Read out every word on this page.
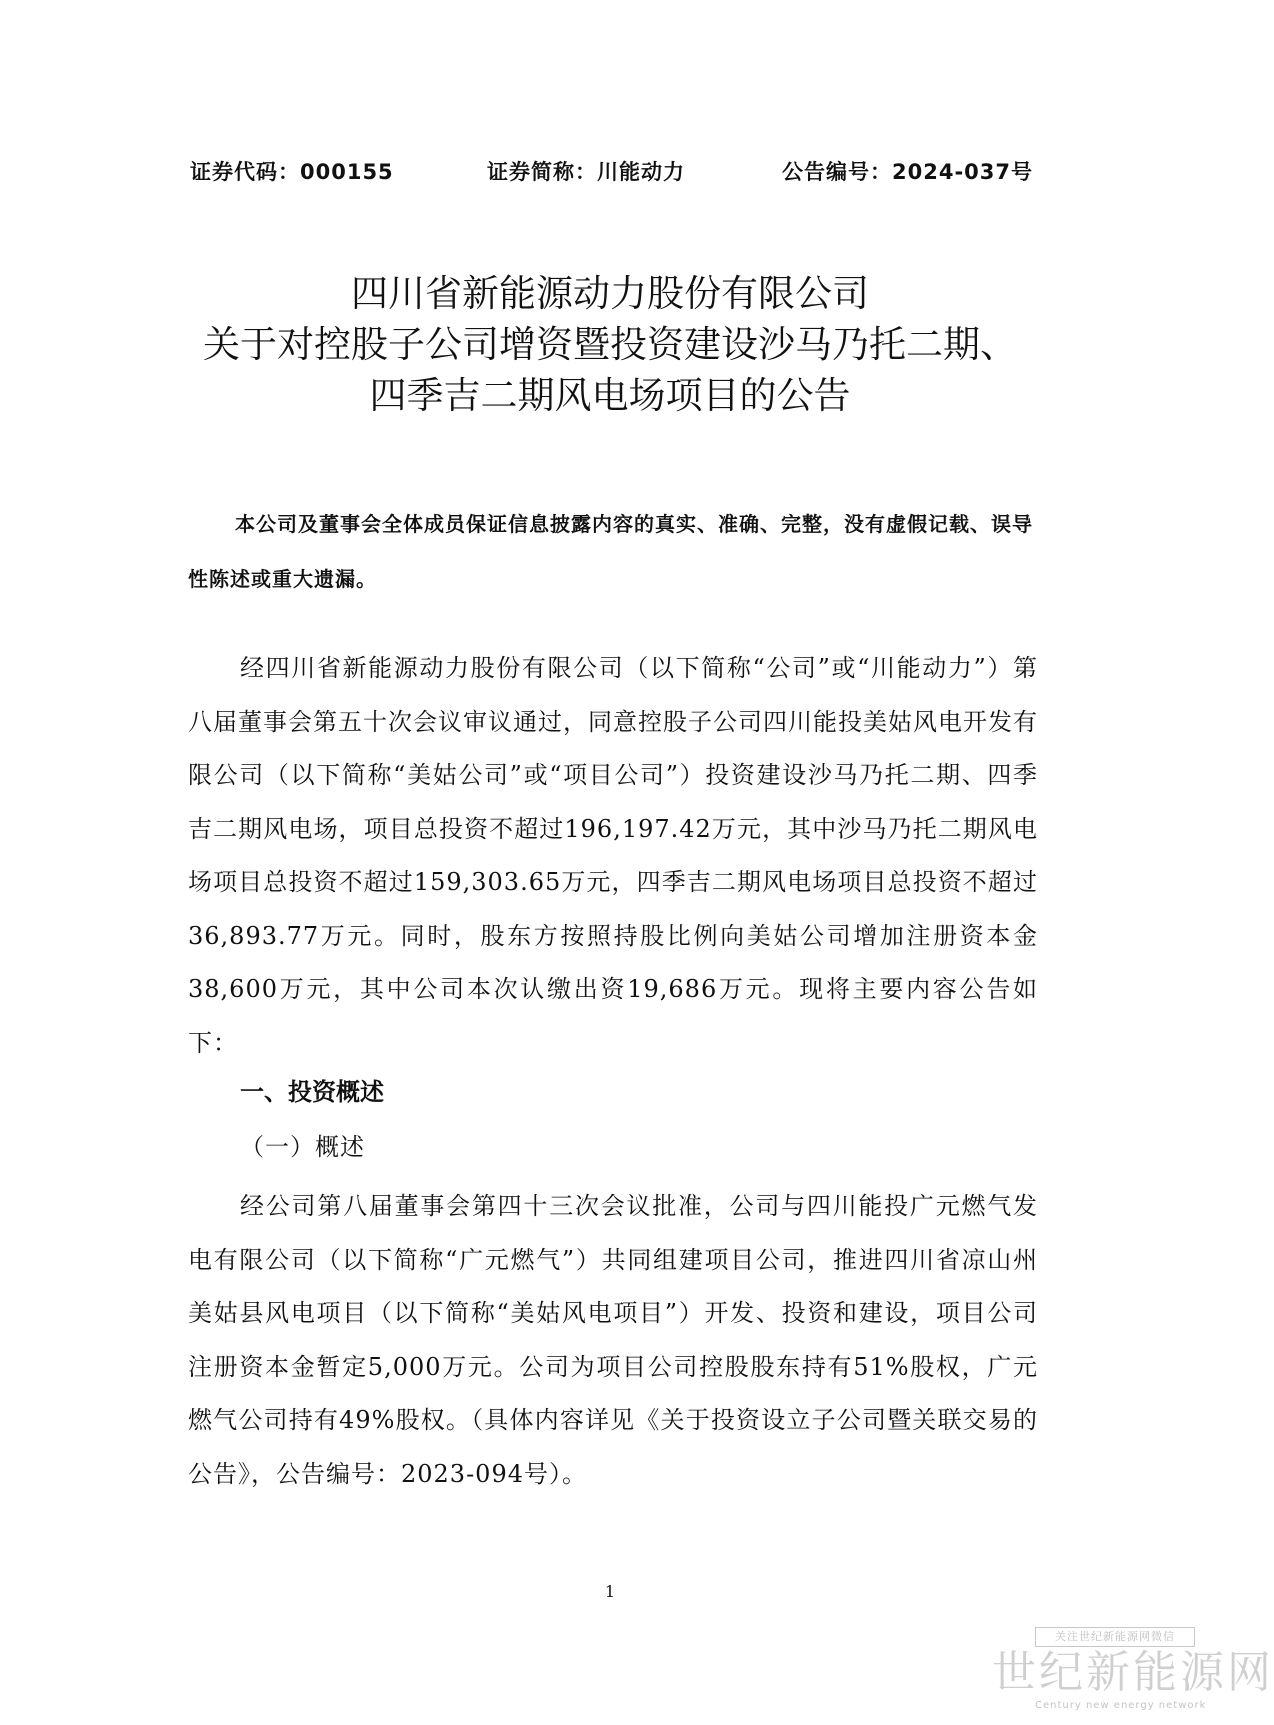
证券代码：000155	证券简称：川能动力	公告编号：2024-037号
四川省新能源动力股份有限公司
关于对控股子公司增资暨投资建设沙马乃托二期、
四季吉二期风电场项目的公告
本公司及董事会全体成员保证信息披露内容的真实、准确、完整，没有虚假记载、误导性陈述或重大遗漏。
经四川省新能源动力股份有限公司（以下简称“公司”或“川能动力”）第八届董事会第五十次会议审议通过，同意控股子公司四川能投美姑风电开发有限公司（以下简称“美姑公司”或“项目公司”）投资建设沙马乃托二期、四季吉二期风电场，项目总投资不超过196,197.42万元，其中沙马乃托二期风电场项目总投资不超过159,303.65万元，四季吉二期风电场项目总投资不超过36,893.77万元。同时，股东方按照持股比例向美姑公司增加注册资本金38,600万元，其中公司本次认缴出资19,686万元。现将主要内容公告如下：
一、投资概述
（一）概述
经公司第八届董事会第四十三次会议批准，公司与四川能投广元燃气发电有限公司（以下简称“广元燃气”）共同组建项目公司，推进四川省凉山州美姑县风电项目（以下简称“美姑风电项目”）开发、投资和建设，项目公司注册资本金暂定5,000万元。公司为项目公司控股股东持有51%股权，广元燃气公司持有49%股权。（具体内容详见《关于投资设立子公司暨关联交易的公告》，公告编号：2023-094号）。
1
关注世纪新能源网微信
世纪新能源网
Century new energy network
